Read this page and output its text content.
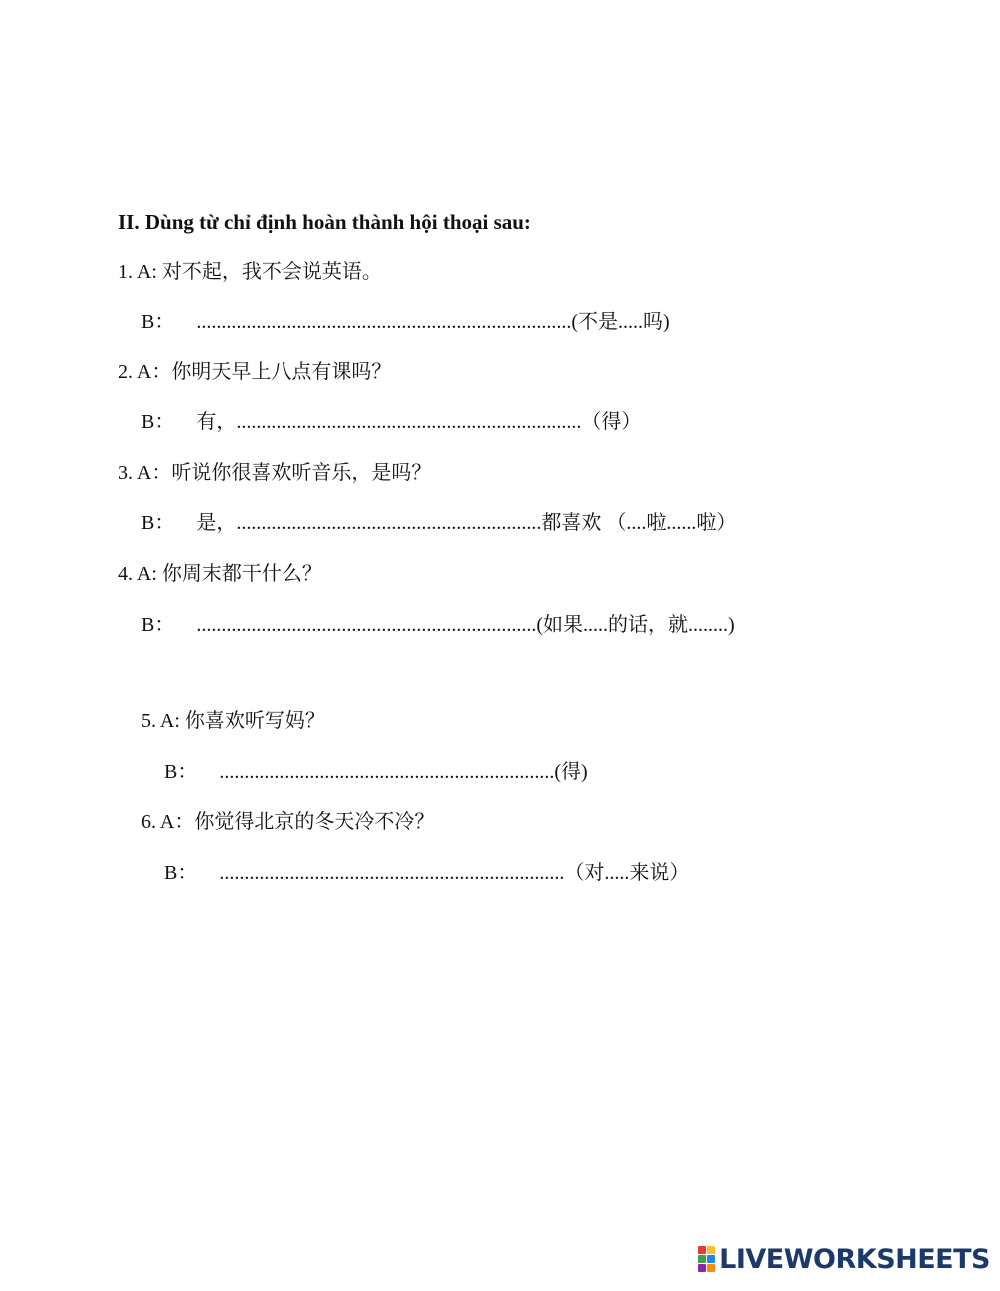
II. Dùng từ chỉ định hoàn thành hội thoại sau:
1. A: 对不起，我不会说英语。
B： ...........................................................................(不是.....吗)
2. A：你明天早上八点有课吗？
B： 有，.....................................................................（得）
3. A：听说你很喜欢听音乐，是吗？
B： 是，.............................................................都喜欢 （....啦......啦）
4. A: 你周末都干什么？
B： ....................................................................(如果.....的话，就........)
5. A: 你喜欢听写妈？
B： ...................................................................(得)
6. A：你觉得北京的冬天冷不冷？
B： .....................................................................（对.....来说）
LIVEWORKSHEETS
